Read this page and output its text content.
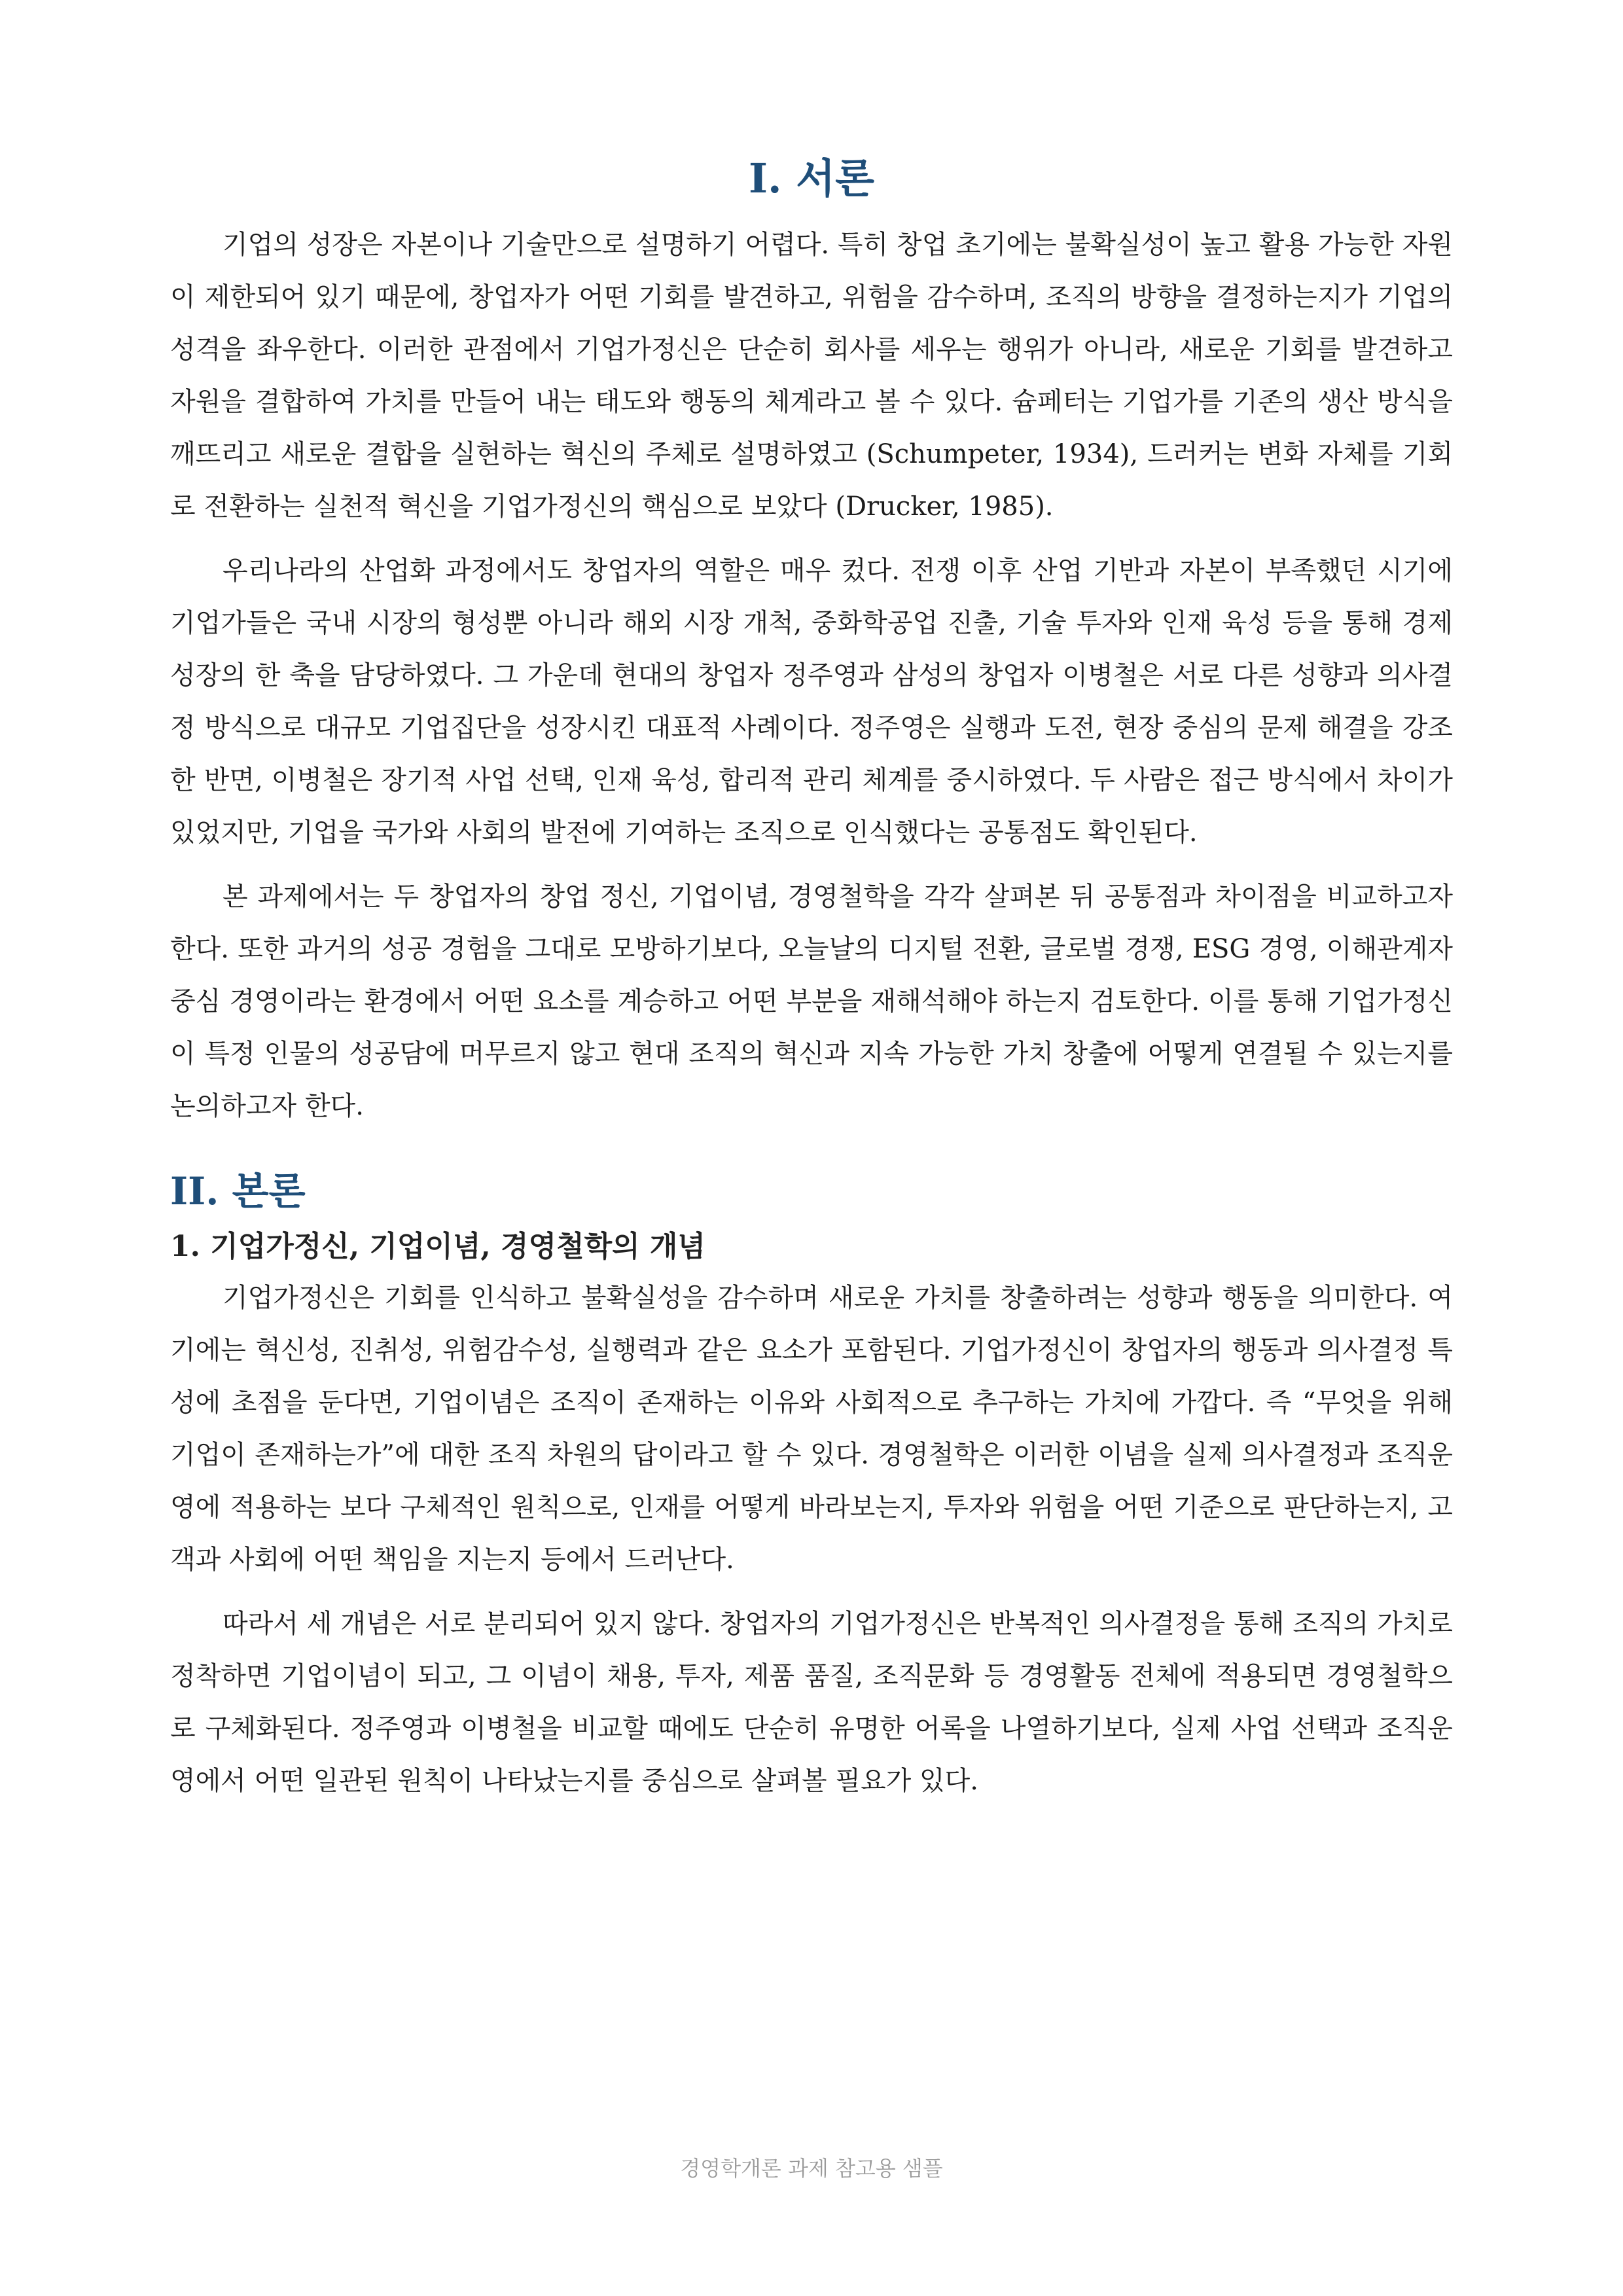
I. 서론

기업의 성장은 자본이나 기술만으로 설명하기 어렵다. 특히 창업 초기에는 불확실성이 높고 활용 가능한 자원이 제한되어 있기 때문에, 창업자가 어떤 기회를 발견하고, 위험을 감수하며, 조직의 방향을 결정하는지가 기업의 성격을 좌우한다. 이러한 관점에서 기업가정신은 단순히 회사를 세우는 행위가 아니라, 새로운 기회를 발견하고 자원을 결합하여 가치를 만들어 내는 태도와 행동의 체계라고 볼 수 있다. 슘페터는 기업가를 기존의 생산 방식을 깨뜨리고 새로운 결합을 실현하는 혁신의 주체로 설명하였고 (Schumpeter, 1934), 드러커는 변화 자체를 기회로 전환하는 실천적 혁신을 기업가정신의 핵심으로 보았다 (Drucker, 1985).

우리나라의 산업화 과정에서도 창업자의 역할은 매우 컸다. 전쟁 이후 산업 기반과 자본이 부족했던 시기에 기업가들은 국내 시장의 형성뿐 아니라 해외 시장 개척, 중화학공업 진출, 기술 투자와 인재 육성 등을 통해 경제 성장의 한 축을 담당하였다. 그 가운데 현대의 창업자 정주영과 삼성의 창업자 이병철은 서로 다른 성향과 의사결정 방식으로 대규모 기업집단을 성장시킨 대표적 사례이다. 정주영은 실행과 도전, 현장 중심의 문제 해결을 강조한 반면, 이병철은 장기적 사업 선택, 인재 육성, 합리적 관리 체계를 중시하였다. 두 사람은 접근 방식에서 차이가 있었지만, 기업을 국가와 사회의 발전에 기여하는 조직으로 인식했다는 공통점도 확인된다.

본 과제에서는 두 창업자의 창업 정신, 기업이념, 경영철학을 각각 살펴본 뒤 공통점과 차이점을 비교하고자 한다. 또한 과거의 성공 경험을 그대로 모방하기보다, 오늘날의 디지털 전환, 글로벌 경쟁, ESG 경영, 이해관계자 중심 경영이라는 환경에서 어떤 요소를 계승하고 어떤 부분을 재해석해야 하는지 검토한다. 이를 통해 기업가정신이 특정 인물의 성공담에 머무르지 않고 현대 조직의 혁신과 지속 가능한 가치 창출에 어떻게 연결될 수 있는지를 논의하고자 한다.

II. 본론
1. 기업가정신, 기업이념, 경영철학의 개념

기업가정신은 기회를 인식하고 불확실성을 감수하며 새로운 가치를 창출하려는 성향과 행동을 의미한다. 여기에는 혁신성, 진취성, 위험감수성, 실행력과 같은 요소가 포함된다. 기업가정신이 창업자의 행동과 의사결정 특성에 초점을 둔다면, 기업이념은 조직이 존재하는 이유와 사회적으로 추구하는 가치에 가깝다. 즉 “무엇을 위해 기업이 존재하는가”에 대한 조직 차원의 답이라고 할 수 있다. 경영철학은 이러한 이념을 실제 의사결정과 조직운영에 적용하는 보다 구체적인 원칙으로, 인재를 어떻게 바라보는지, 투자와 위험을 어떤 기준으로 판단하는지, 고객과 사회에 어떤 책임을 지는지 등에서 드러난다.

따라서 세 개념은 서로 분리되어 있지 않다. 창업자의 기업가정신은 반복적인 의사결정을 통해 조직의 가치로 정착하면 기업이념이 되고, 그 이념이 채용, 투자, 제품 품질, 조직문화 등 경영활동 전체에 적용되면 경영철학으로 구체화된다. 정주영과 이병철을 비교할 때에도 단순히 유명한 어록을 나열하기보다, 실제 사업 선택과 조직운영에서 어떤 일관된 원칙이 나타났는지를 중심으로 살펴볼 필요가 있다.

경영학개론 과제 참고용 샘플
